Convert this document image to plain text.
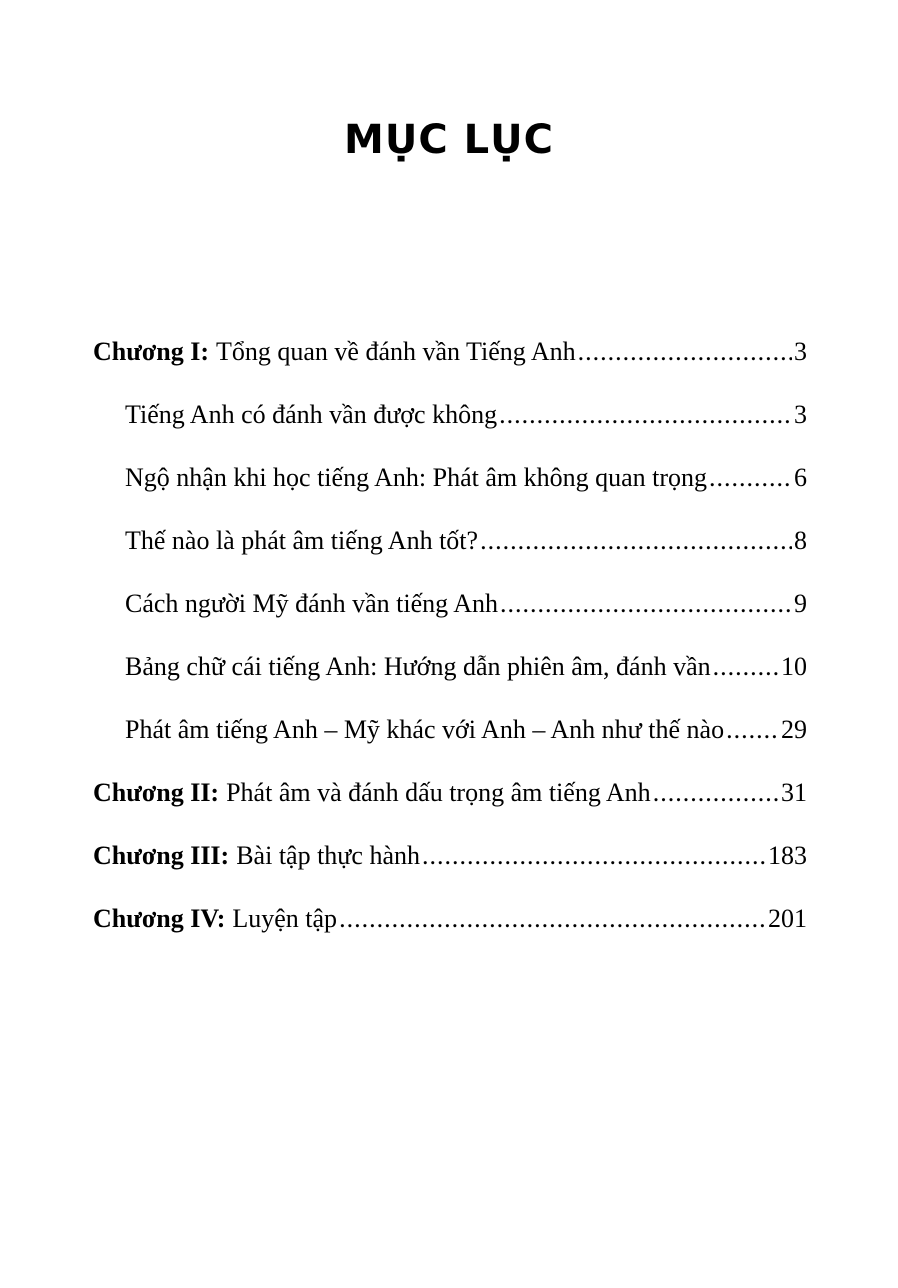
MỤC LỤC
Chương I: Tổng quan về đánh vần Tiếng Anh .....	3
Tiếng Anh có đánh vần được không .....	3
Ngộ nhận khi học tiếng Anh: Phát âm không quan trọng .....	6
Thế nào là phát âm tiếng Anh tốt? .....	8
Cách người Mỹ đánh vần tiếng Anh .....	9
Bảng chữ cái tiếng Anh: Hướng dẫn phiên âm, đánh vần .....	10
Phát âm tiếng Anh – Mỹ khác với Anh – Anh như thế nào ..... 29
Chương II: Phát âm và đánh dấu trọng âm tiếng Anh .....	31
Chương III: Bài tập thực hành .....	183
Chương IV: Luyện tập .....	201
